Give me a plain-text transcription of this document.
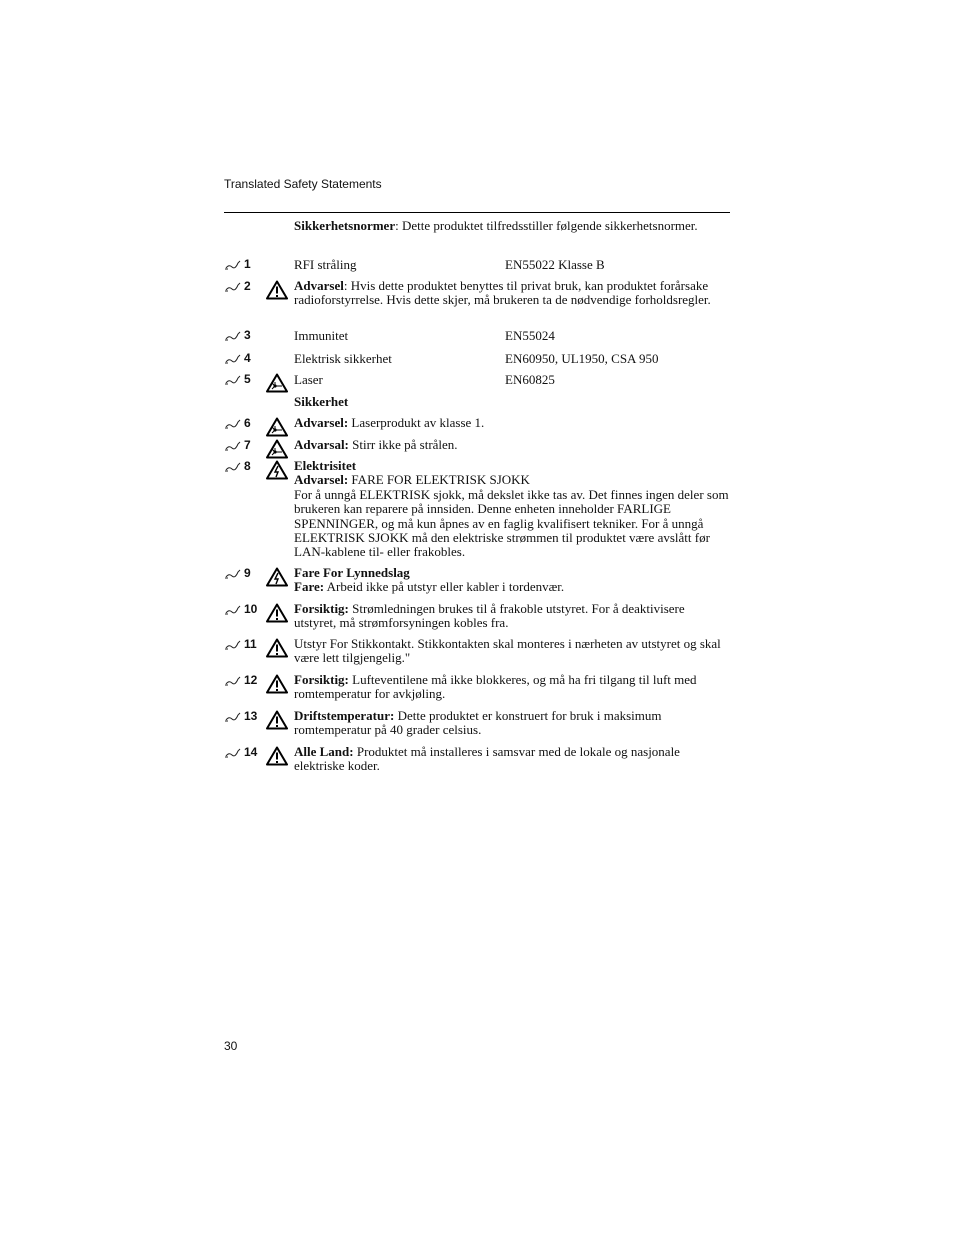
Translated Safety Statements
Sikkerhetsnormer: Dette produktet tilfredsstiller følgende sikkerhetsnormer.
1	RFI stråling	EN55022 Klasse B
2	Advarsel: Hvis dette produktet benyttes til privat bruk, kan produktet forårsake radioforstyrrelse. Hvis dette skjer, må brukeren ta de nødvendige forholdsregler.
3	Immunitet	EN55024
4	Elektrisk sikkerhet	EN60950, UL1950, CSA 950
5	Laser	EN60825
Sikkerhet
6	Advarsel: Laserprodukt av klasse 1.
7	Advarsal: Stirr ikke på strålen.
8	Elektrisitet
Advarsel: FARE FOR ELEKTRISK SJOKK
For å unngå ELEKTRISK sjokk, må dekslet ikke tas av. Det finnes ingen deler som brukeren kan reparere på innsiden. Denne enheten inneholder FARLIGE SPENNINGER, og må kun åpnes av en faglig kvalifisert tekniker. For å unngå ELEKTRISK SJOKK må den elektriske strømmen til produktet være avslått før LAN-kablene til- eller frakobles.
9	Fare For Lynnedslag
Fare: Arbeid ikke på utstyr eller kabler i tordenvær.
10	Forsiktig: Strømledningen brukes til å frakoble utstyret. For å deaktivisere utstyret, må strømforsyningen kobles fra.
11	Utstyr For Stikkontakt. Stikkontakten skal monteres i nærheten av utstyret og skal være lett tilgjengelig."
12	Forsiktig: Lufteventilene må ikke blokkeres, og må ha fri tilgang til luft med romtemperatur for avkjøling.
13	Driftstemperatur: Dette produktet er konstruert for bruk i maksimum romtemperatur på 40 grader celsius.
14	Alle Land: Produktet må installeres i samsvar med de lokale og nasjonale elektriske koder.
30
